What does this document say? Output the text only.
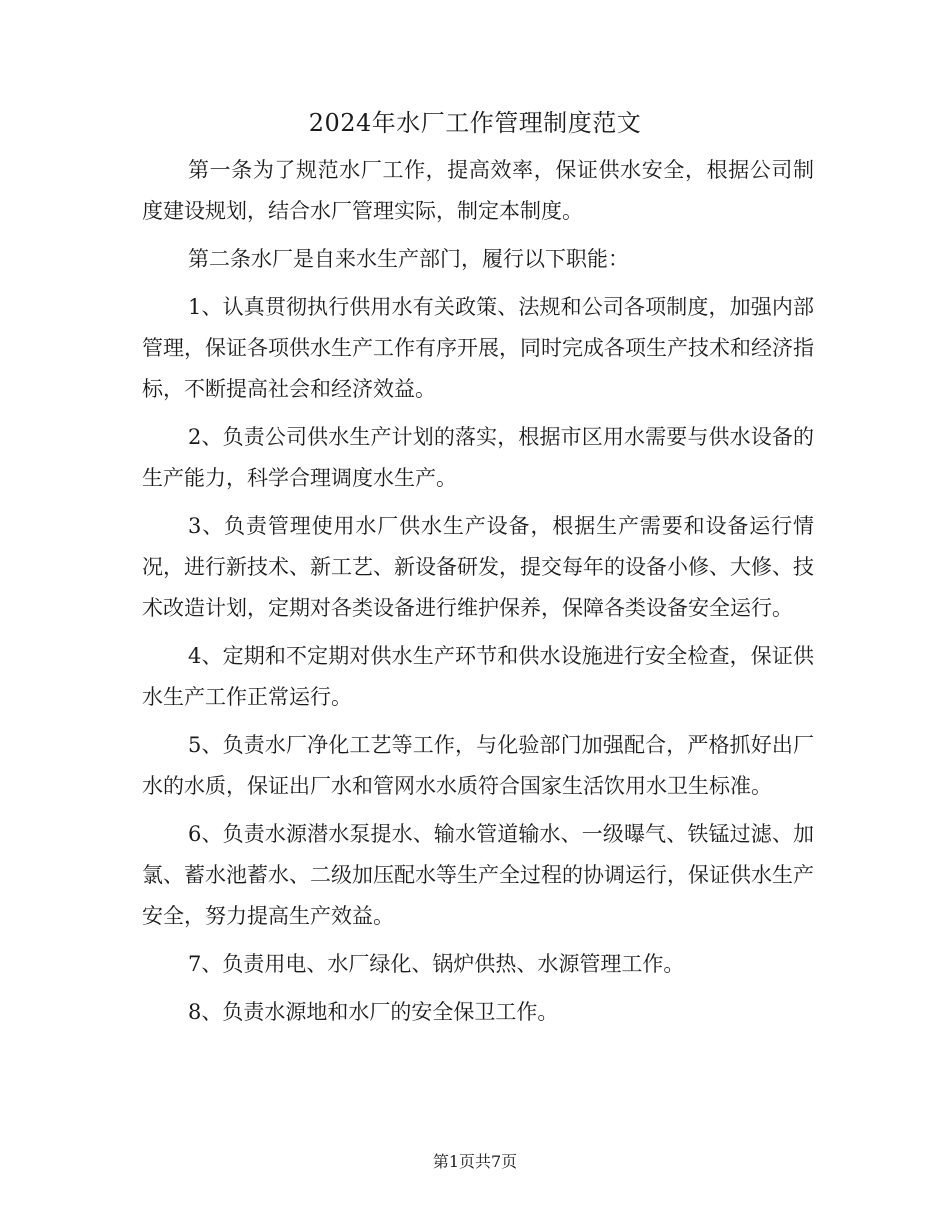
2024年水厂工作管理制度范文

第一条为了规范水厂工作，提高效率，保证供水安全，根据公司制度建设规划，结合水厂管理实际，制定本制度。

第二条水厂是自来水生产部门，履行以下职能：

1、认真贯彻执行供用水有关政策、法规和公司各项制度，加强内部管理，保证各项供水生产工作有序开展，同时完成各项生产技术和经济指标，不断提高社会和经济效益。

2、负责公司供水生产计划的落实，根据市区用水需要与供水设备的生产能力，科学合理调度水生产。

3、负责管理使用水厂供水生产设备，根据生产需要和设备运行情况，进行新技术、新工艺、新设备研发，提交每年的设备小修、大修、技术改造计划，定期对各类设备进行维护保养，保障各类设备安全运行。

4、定期和不定期对供水生产环节和供水设施进行安全检查，保证供水生产工作正常运行。

5、负责水厂净化工艺等工作，与化验部门加强配合，严格抓好出厂水的水质，保证出厂水和管网水水质符合国家生活饮用水卫生标准。

6、负责水源潜水泵提水、输水管道输水、一级曝气、铁锰过滤、加氯、蓄水池蓄水、二级加压配水等生产全过程的协调运行，保证供水生产安全，努力提高生产效益。

7、负责用电、水厂绿化、锅炉供热、水源管理工作。

8、负责水源地和水厂的安全保卫工作。

第1页共7页
